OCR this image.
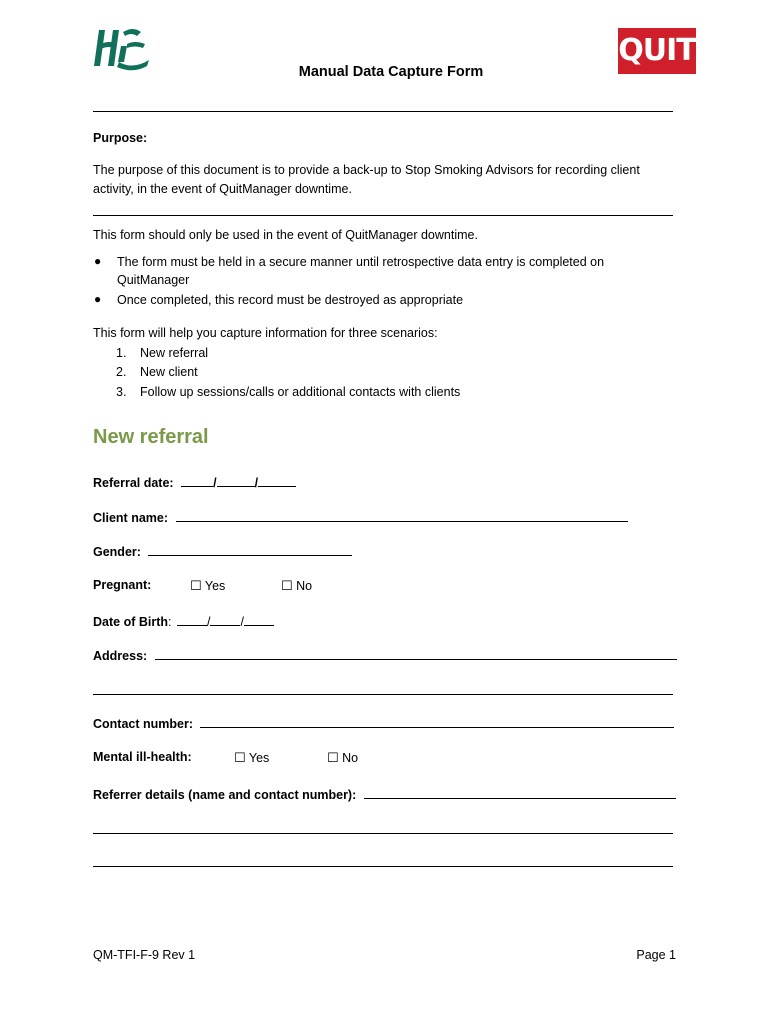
QUIT
Manual Data Capture Form
Purpose:
The purpose of this document is to provide a back-up to Stop Smoking Advisors for recording client
activity, in the event of QuitManager downtime.
This form should only be used in the event of QuitManager downtime.
● The form must be held in a secure manner until retrospective data entry is completed on
QuitManager
● Once completed, this record must be destroyed as appropriate
This form will help you capture information for three scenarios:
1. New referral
2. New client
3. Follow up sessions/calls or additional contacts with clients
New referral
Referral date:	/	/
Client name:
Gender:
Pregnant:	☐ Yes	☐ No
Date of Birth:	/ /
Address:
Contact number:
Mental ill-health:	☐ Yes	☐ No
Referrer details (name and contact number):
QM-TFI-F-9 Rev 1	Page 1
